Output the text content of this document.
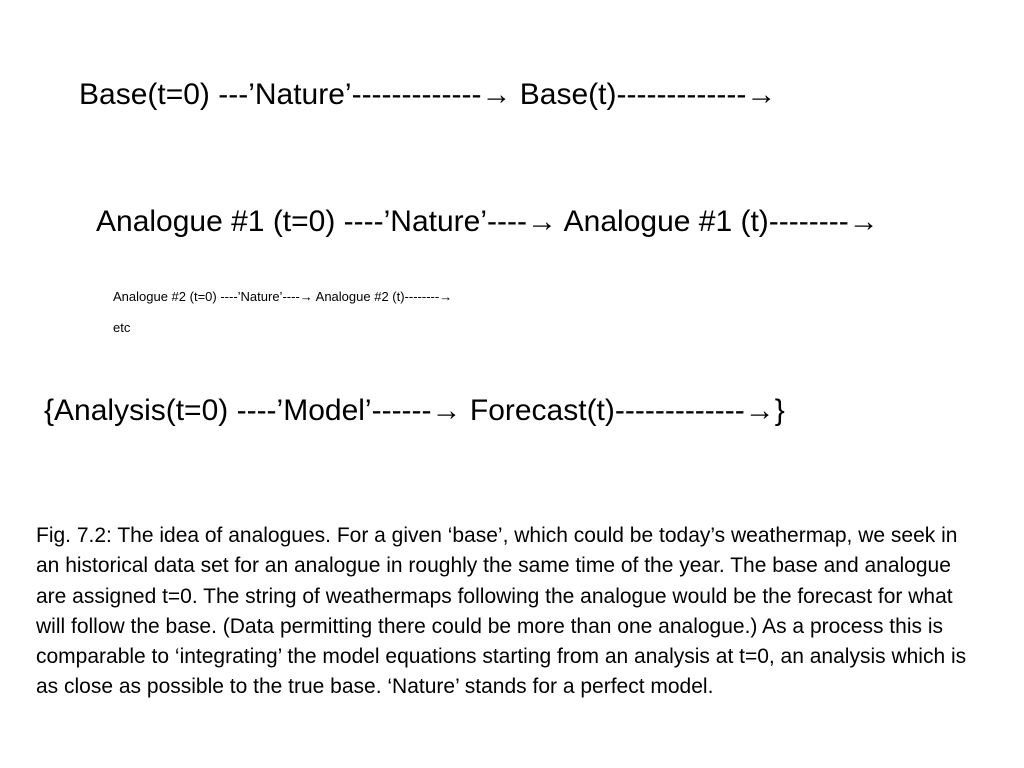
Base(t=0) ---’Nature’-------------→ Base(t)-------------→
Analogue #1 (t=0) ----’Nature’----→ Analogue #1 (t)--------→
Analogue #2 (t=0) ----’Nature’----→ Analogue #2 (t)--------→
etc
{Analysis(t=0) ----’Model’------→ Forecast(t)-------------→}
Fig. 7.2: The idea of analogues. For a given ‘base’, which could be today’s weathermap, we seek in an historical data set for an analogue in roughly the same time of the year. The base and analogue are assigned t=0. The string of weathermaps following the analogue would be the forecast for what will follow the base. (Data permitting there could be more than one analogue.) As a process this is comparable to ‘integrating’ the model equations starting from an analysis at t=0, an analysis which is as close as possible to the true base. ‘Nature’ stands for a perfect model.
